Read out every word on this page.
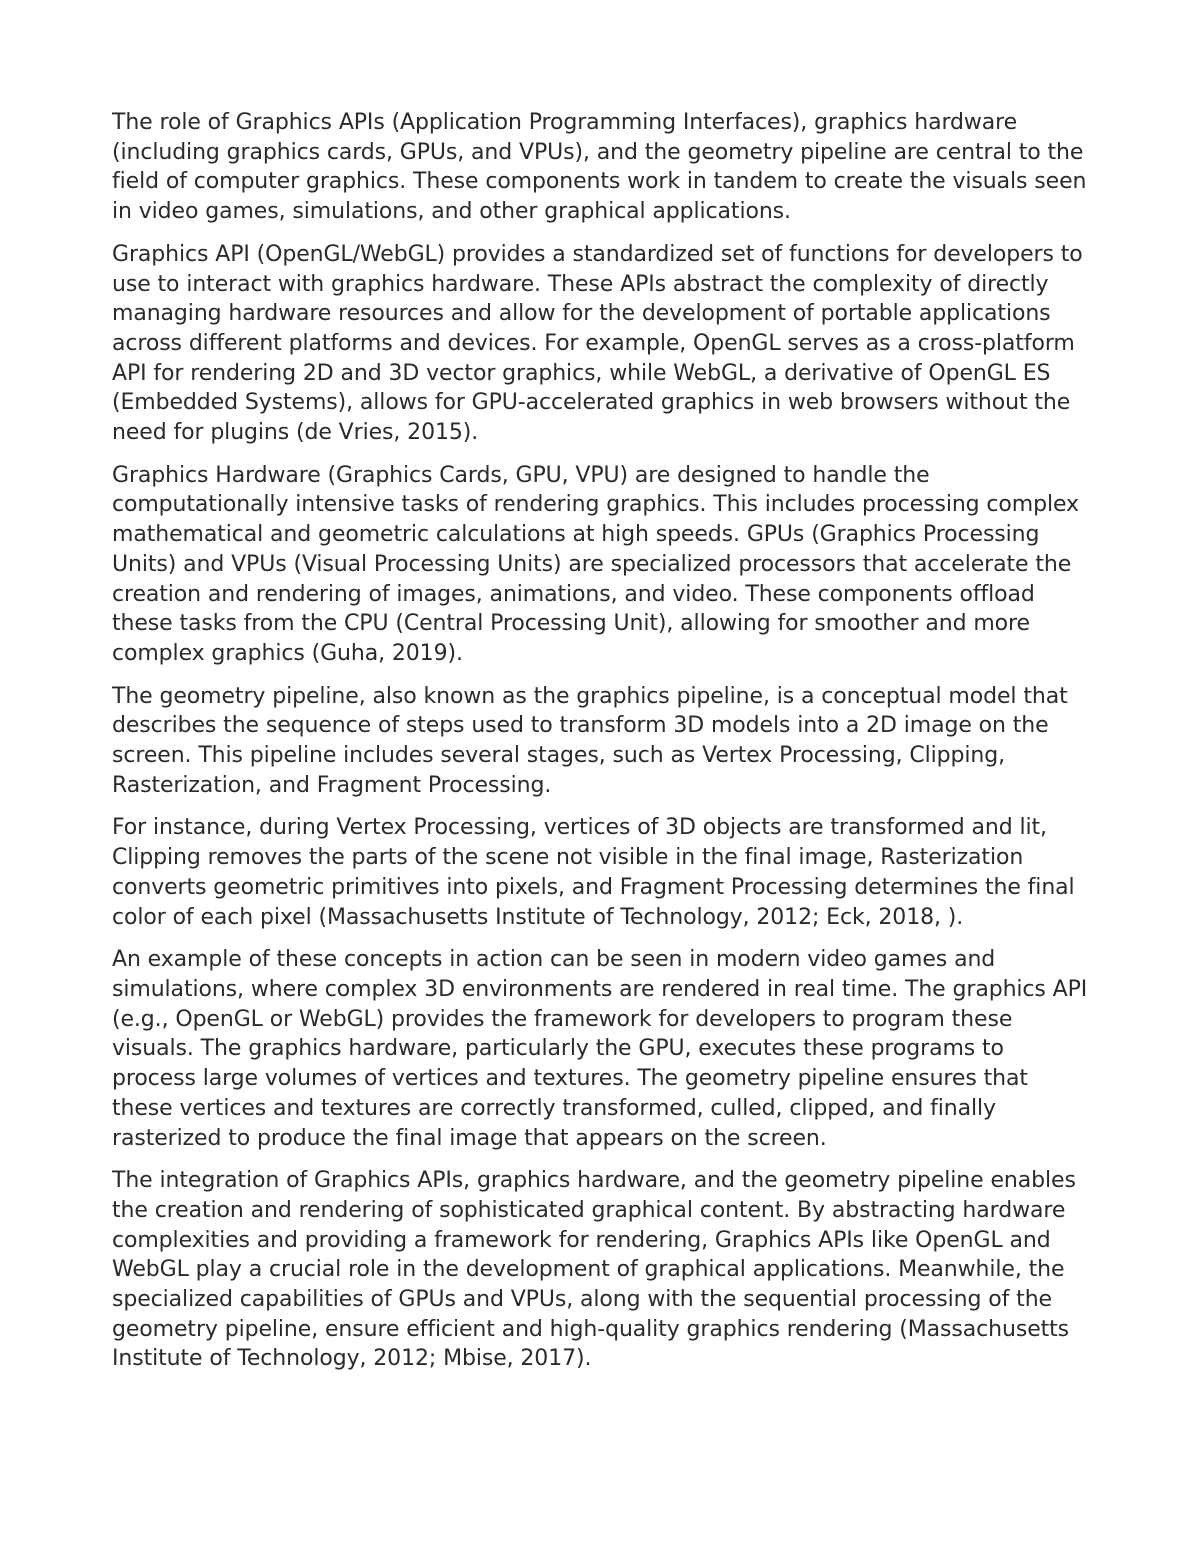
The role of Graphics APIs (Application Programming Interfaces), graphics hardware (including graphics cards, GPUs, and VPUs), and the geometry pipeline are central to the field of computer graphics. These components work in tandem to create the visuals seen in video games, simulations, and other graphical applications.

Graphics API (OpenGL/WebGL) provides a standardized set of functions for developers to use to interact with graphics hardware. These APIs abstract the complexity of directly managing hardware resources and allow for the development of portable applications across different platforms and devices. For example, OpenGL serves as a cross-platform API for rendering 2D and 3D vector graphics, while WebGL, a derivative of OpenGL ES (Embedded Systems), allows for GPU-accelerated graphics in web browsers without the need for plugins (de Vries, 2015).

Graphics Hardware (Graphics Cards, GPU, VPU) are designed to handle the computationally intensive tasks of rendering graphics. This includes processing complex mathematical and geometric calculations at high speeds. GPUs (Graphics Processing Units) and VPUs (Visual Processing Units) are specialized processors that accelerate the creation and rendering of images, animations, and video. These components offload these tasks from the CPU (Central Processing Unit), allowing for smoother and more complex graphics (Guha, 2019).

The geometry pipeline, also known as the graphics pipeline, is a conceptual model that describes the sequence of steps used to transform 3D models into a 2D image on the screen. This pipeline includes several stages, such as Vertex Processing, Clipping, Rasterization, and Fragment Processing.

For instance, during Vertex Processing, vertices of 3D objects are transformed and lit, Clipping removes the parts of the scene not visible in the final image, Rasterization converts geometric primitives into pixels, and Fragment Processing determines the final color of each pixel (Massachusetts Institute of Technology, 2012; Eck, 2018, ).

An example of these concepts in action can be seen in modern video games and simulations, where complex 3D environments are rendered in real time. The graphics API (e.g., OpenGL or WebGL) provides the framework for developers to program these visuals. The graphics hardware, particularly the GPU, executes these programs to process large volumes of vertices and textures. The geometry pipeline ensures that these vertices and textures are correctly transformed, culled, clipped, and finally rasterized to produce the final image that appears on the screen.

The integration of Graphics APIs, graphics hardware, and the geometry pipeline enables the creation and rendering of sophisticated graphical content. By abstracting hardware complexities and providing a framework for rendering, Graphics APIs like OpenGL and WebGL play a crucial role in the development of graphical applications. Meanwhile, the specialized capabilities of GPUs and VPUs, along with the sequential processing of the geometry pipeline, ensure efficient and high-quality graphics rendering (Massachusetts Institute of Technology, 2012; Mbise, 2017).
